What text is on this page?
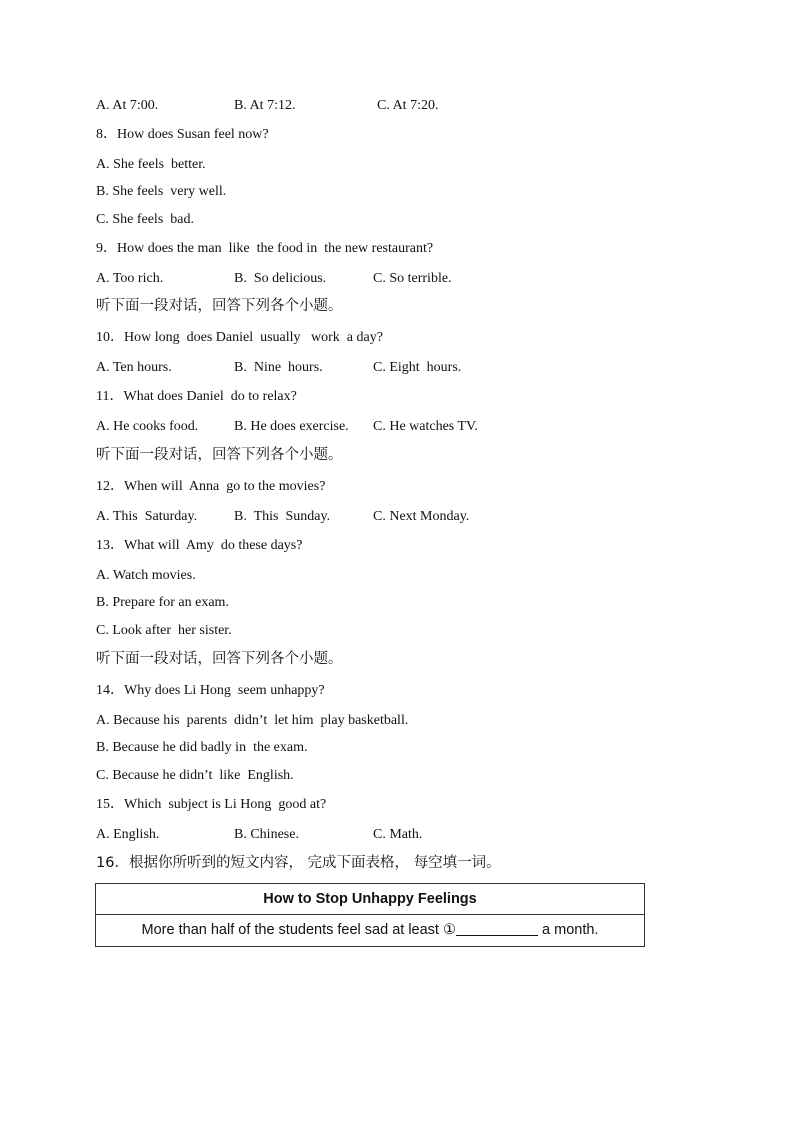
A. At 7:00.	B. At 7:12.	C. At 7:20.
8．How does Susan feel now?
A. She feels  better.
B. She feels  very well.
C. She feels  bad.
9．How does the man  like  the food in  the new restaurant?
A. Too rich.	B.  So delicious.	C. So terrible.
听下面一段对话，回答下列各个小题。
10．How long  does Daniel  usually   work  a day?
A. Ten hours.	B.  Nine  hours.	C. Eight  hours.
11．What does Daniel  do to relax?
A. He cooks food.	B. He does exercise. C. He watches TV.
听下面一段对话，回答下列各个小题。
12．When will  Anna  go to the movies?
A. This  Saturday.	B.  This  Sunday.	C. Next Monday.
13．What will  Amy  do these days?
A. Watch movies.
B. Prepare for an exam.
C. Look after  her sister.
听下面一段对话，回答下列各个小题。
14．Why does Li Hong  seem unhappy?
A. Because his  parents  didn’t  let him  play basketball.
B. Because he did badly in  the exam.
C. Because he didn’t  like  English.
15．Which  subject is Li Hong  good at?
A. English.	B. Chinese.	C. Math.
16．根据你所听到的短文内容， 完成下面表格， 每空填一词。
How to Stop Unhappy Feelings
More than half of the students feel sad at least ①	a month.
